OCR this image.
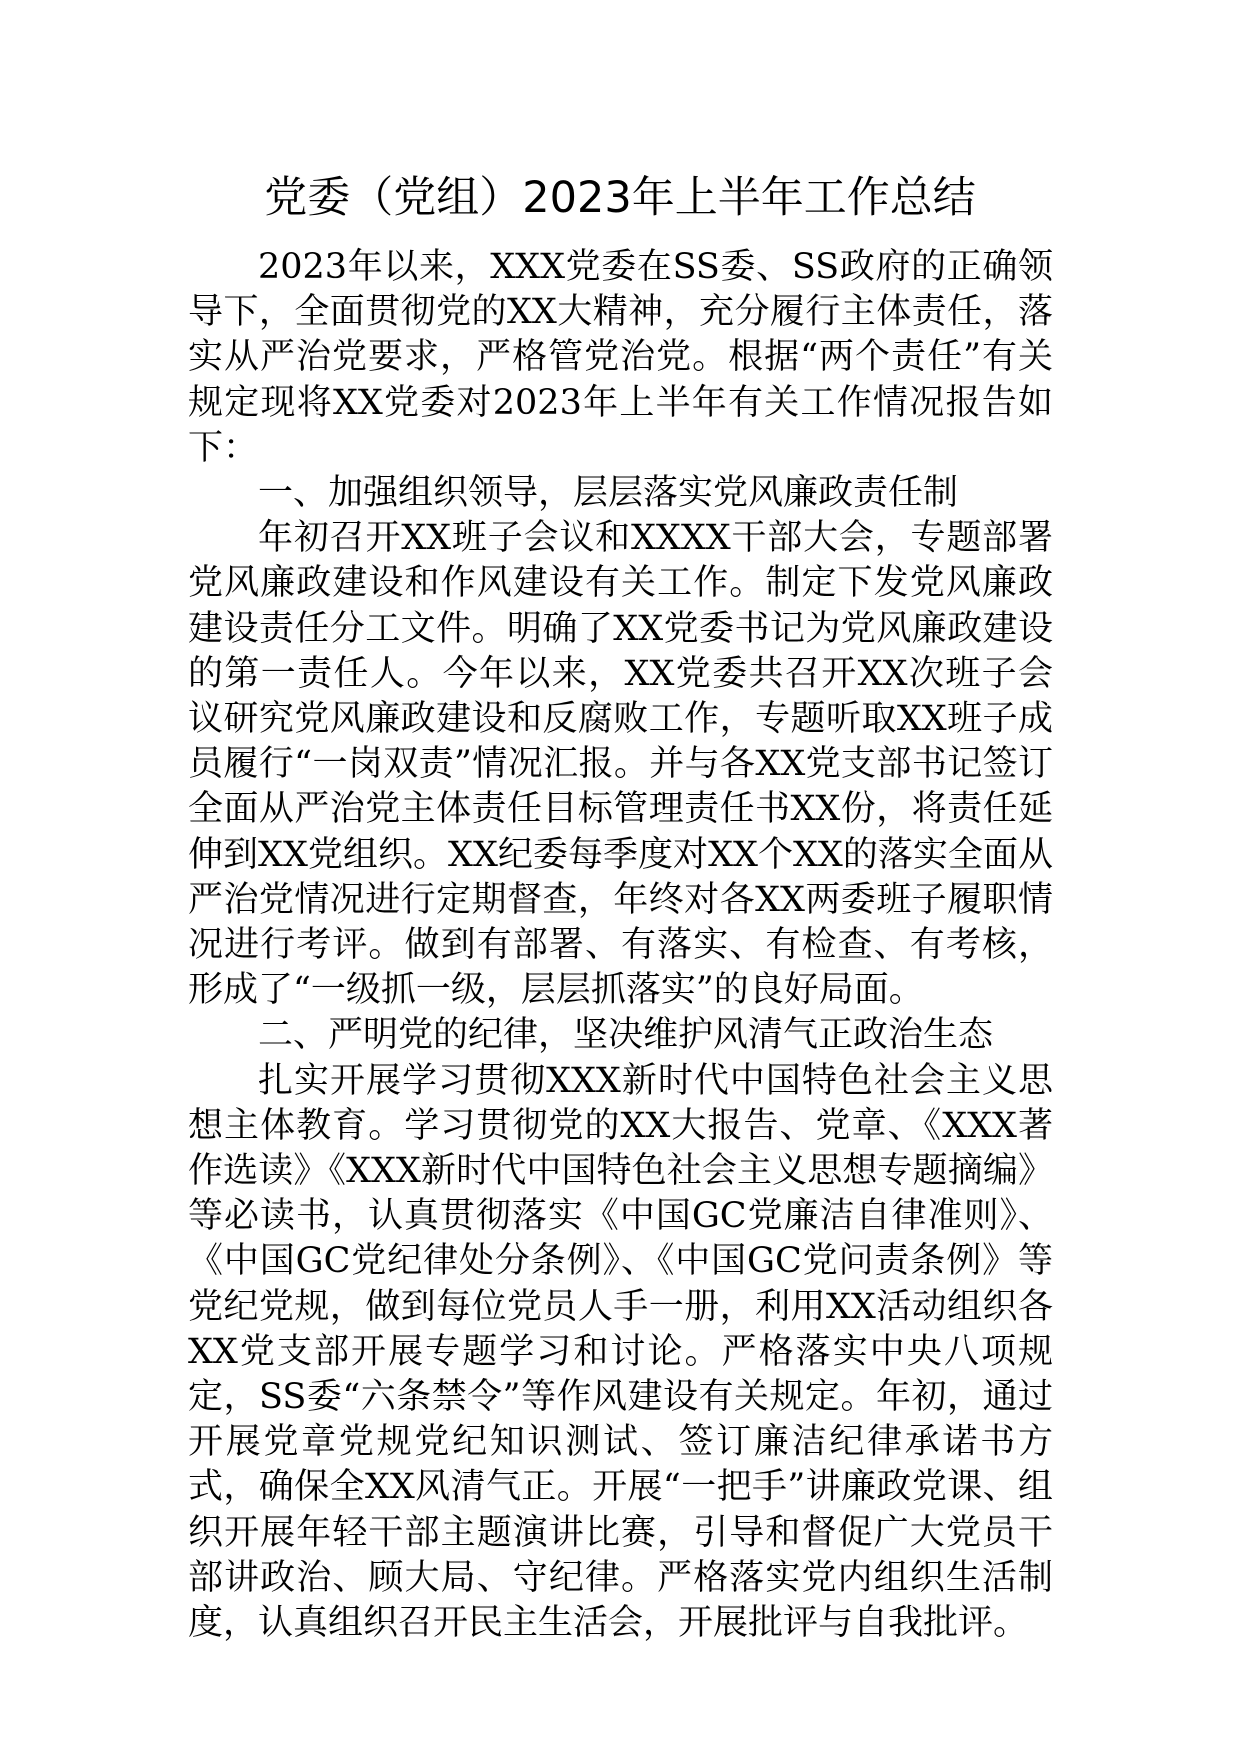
党委（党组）2023年上半年工作总结

2023年以来，XXX党委在SS委、SS政府的正确领导下，全面贯彻党的XX大精神，充分履行主体责任，落实从严治党要求，严格管党治党。根据“两个责任”有关规定现将XX党委对2023年上半年有关工作情况报告如下：

一、加强组织领导，层层落实党风廉政责任制

年初召开XX班子会议和XXXX干部大会，专题部署党风廉政建设和作风建设有关工作。制定下发党风廉政建设责任分工文件。明确了XX党委书记为党风廉政建设的第一责任人。今年以来，XX党委共召开XX次班子会议研究党风廉政建设和反腐败工作，专题听取XX班子成员履行“一岗双责”情况汇报。并与各XX党支部书记签订全面从严治党主体责任目标管理责任书XX份，将责任延伸到XX党组织。XX纪委每季度对XX个XX的落实全面从严治党情况进行定期督查，年终对各XX两委班子履职情况进行考评。做到有部署、有落实、有检查、有考核，形成了“一级抓一级，层层抓落实”的良好局面。

二、严明党的纪律，坚决维护风清气正政治生态

扎实开展学习贯彻XXX新时代中国特色社会主义思想主体教育。学习贯彻党的XX大报告、党章、《XXX著作选读》《XXX新时代中国特色社会主义思想专题摘编》等必读书，认真贯彻落实《中国GC党廉洁自律准则》、《中国GC党纪律处分条例》、《中国GC党问责条例》等党纪党规，做到每位党员人手一册，利用XX活动组织各XX党支部开展专题学习和讨论。严格落实中央八项规定，SS委“六条禁令”等作风建设有关规定。年初，通过开展党章党规党纪知识测试、签订廉洁纪律承诺书方式，确保全XX风清气正。开展“一把手”讲廉政党课、组织开展年轻干部主题演讲比赛，引导和督促广大党员干部讲政治、顾大局、守纪律。严格落实党内组织生活制度，认真组织召开民主生活会，开展批评与自我批评。
